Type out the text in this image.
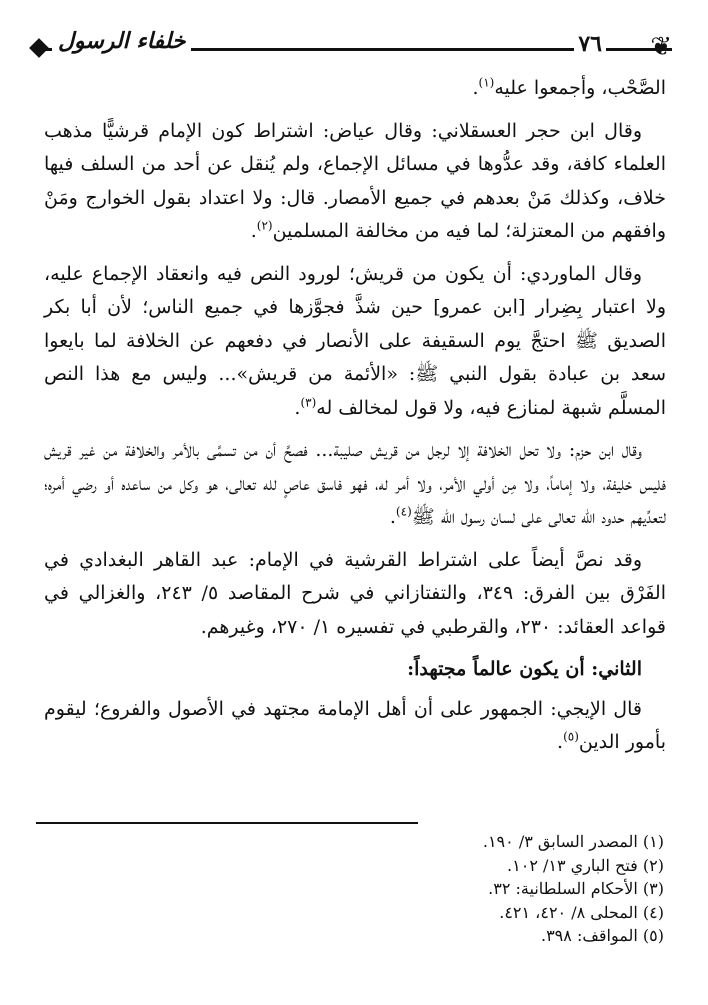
❦
٧٦
خلفاء الرسول

الصَّحْب، وأجمعوا عليه$^{(١)}$.

وقال ابن حجر العسقلاني: وقال عياض: اشتراط كون الإمام قرشيًّا مذهب العلماء كافة، وقد عدُّوها في مسائل الإجماع، ولم يُنقل عن أحد من السلف فيها خلاف، وكذلك مَنْ بعدهم في جميع الأمصار. قال: ولا اعتداد بقول الخوارج ومَنْ وافقهم من المعتزلة؛ لما فيه من مخالفة المسلمين$^{(٢)}$.

وقال الماوردي: أن يكون من قريش؛ لورود النص فيه وانعقاد الإجماع عليه، ولا اعتبار بِضِرار [ابن عمرو] حين شذَّ فجوَّزها في جميع الناس؛ لأن أبا بكر الصديق ﷺ احتجَّ يوم السقيفة على الأنصار في دفعهم عن الخلافة لما بايعوا سعد بن عبادة بقول النبي ﷺ: «الأئمة من قريش»... وليس مع هذا النص المسلَّم شبهة لمنازع فيه، ولا قول لمخالف له$^{(٣)}$.

وقال ابن حزم: ولا تحل الخلافة إلا لرجل من قريش صليبة... فصحَّ أن من تسمَّى بالأمر والخلافة من غير قريش فليس خليفة، ولا إماماً، ولا مِن أولي الأمر، ولا أمر له، فهو فاسق عاصٍ لله تعالى، هو وكل من ساعده أو رضي أمره؛ لتعدِّيهم حدود الله تعالى على لسان رسول الله ﷺ$^{(٤)}$.

وقد نصَّ أيضاً على اشتراط القرشية في الإمام: عبد القاهر البغدادي في الفَرْق بين الفرق: ٣٤٩، والتفتازاني في شرح المقاصد ٥/ ٢٤٣، والغزالي في قواعد العقائد: ٢٣٠، والقرطبي في تفسيره ١/ ٢٧٠، وغيرهم.

الثاني: أن يكون عالماً مجتهداً:

قال الإيجي: الجمهور على أن أهل الإمامة مجتهد في الأصول والفروع؛ ليقوم بأمور الدين$^{(٥)}$.

(١) المصدر السابق ٣/ ١٩٠.

(٢) فتح الباري ١٣/ ١٠٢.

(٣) الأحكام السلطانية: ٣٢.

(٤) المحلى ٨/ ٤٢٠، ٤٢١.

(٥) المواقف: ٣٩٨.
